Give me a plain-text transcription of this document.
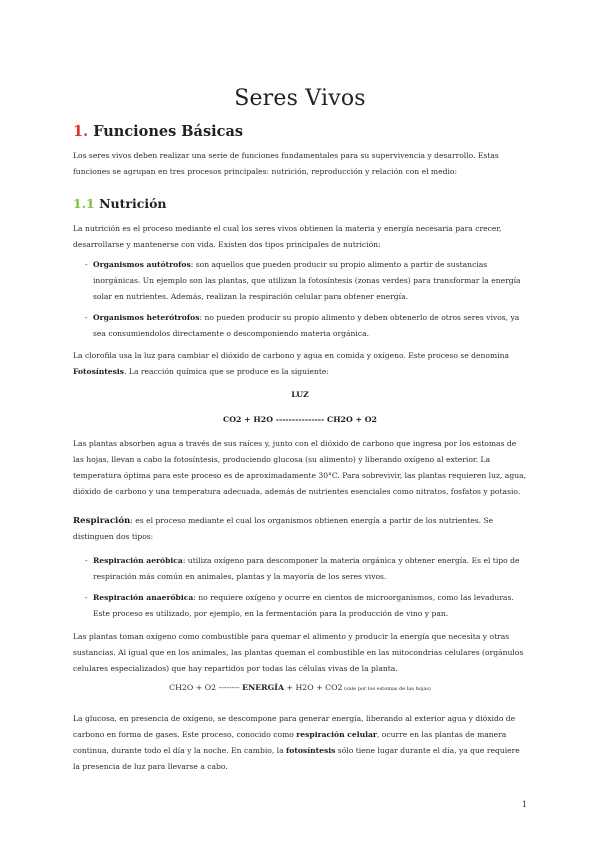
Seres Vivos
1. Funciones Básicas

Los seres vivos deben realizar una serie de funciones fundamentales para su supervivencia y desarrollo. Estas funciones se agrupan en tres procesos principales: nutrición, reproducción y relación con el medio:

1.1 Nutrición

La nutrición es el proceso mediante el cual los seres vivos obtienen la materia y energía necesaria para crecer, desarrollarse y mantenerse con vida. Existen dos tipos principales de nutrición:

- Organismos autótrofos: son aquellos que pueden producir su propio alimento a partir de sustancias inorgánicas. Un ejemplo son las plantas, que utilizan la fotosíntesis (zonas verdes) para transformar la energía solar en nutrientes. Además, realizan la respiración celular para obtener energía.

- Organismos heterótrofos: no pueden producir su propio alimento y deben obtenerlo de otros seres vivos, ya sea consumiendolos directamente o descomponiendo materia orgánica.

La clorofila usa la luz para cambiar el dióxido de carbono y agua en comida y oxígeno. Este proceso se denomina Fotosíntesis. La reacción química que se produce es la siguiente:

LUZ
CO2 + H2O --------------- CH2O + O2

Las plantas absorben agua a través de sus raíces y, junto con el dióxido de carbono que ingresa por los estomas de las hojas, llevan a cabo la fotosíntesis, produciendo glucosa (su alimento) y liberando oxígeno al exterior. La temperatura óptima para este proceso es de aproximadamente 30°C. Para sobrevivir, las plantas requieren luz, agua, dióxido de carbono y una temperatura adecuada, además de nutrientes esenciales como nitratos, fosfatos y potasio.

Respiración: es el proceso mediante el cual los organismos obtienen energía a partir de los nutrientes. Se distinguen dos tipos:

- Respiración aeróbica: utiliza oxígeno para descomponer la materia orgánica y obtener energía. Es el tipo de respiración más común en animales, plantas y la mayoría de los seres vivos.

- Respiración anaeróbica: no requiere oxígeno y ocurre en cientos de microorganismos, como las levaduras. Este proceso es utilizado, por ejemplo, en la fermentación para la producción de vino y pan.

Las plantas toman oxígeno como combustible para quemar el alimento y producir la energía que necesita y otras sustancias. Al igual que en los animales, las plantas queman el combustible en las mitocondrias celulares (orgánulos celulares especializados) que hay repartidos por todas las células vivas de la planta.

CH2O + O2 -------- ENERGÍA + H2O + CO2 (sale por los estomas de las hojas)

La glucosa, en presencia de oxígeno, se descompone para generar energía, liberando al exterior agua y dióxido de carbono en forma de gases. Este proceso, conocido como respiración celular, ocurre en las plantas de manera continua, durante todo el día y la noche. En cambio, la fotosíntesis sólo tiene lugar durante el día, ya que requiere la presencia de luz para llevarse a cabo.

1
